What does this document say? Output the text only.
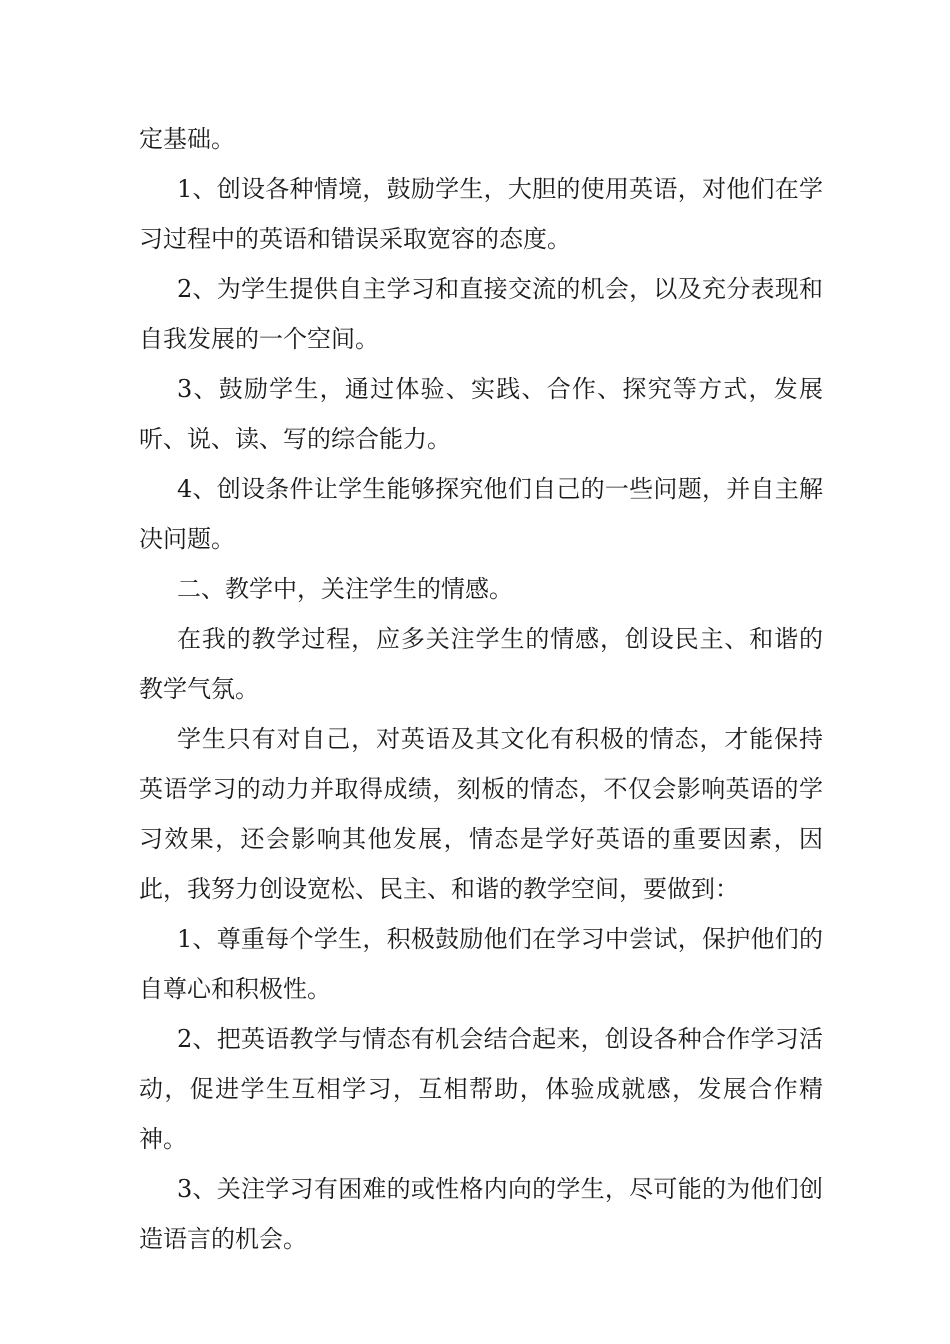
定基础。

1、创设各种情境，鼓励学生，大胆的使用英语，对他们在学习过程中的英语和错误采取宽容的态度。

2、为学生提供自主学习和直接交流的机会，以及充分表现和自我发展的一个空间。

3、鼓励学生，通过体验、实践、合作、探究等方式，发展听、说、读、写的综合能力。

4、创设条件让学生能够探究他们自己的一些问题，并自主解决问题。

二、教学中，关注学生的情感。

在我的教学过程，应多关注学生的情感，创设民主、和谐的教学气氛。

学生只有对自己，对英语及其文化有积极的情态，才能保持英语学习的动力并取得成绩，刻板的情态，不仅会影响英语的学习效果，还会影响其他发展，情态是学好英语的重要因素，因此，我努力创设宽松、民主、和谐的教学空间，要做到：

1、尊重每个学生，积极鼓励他们在学习中尝试，保护他们的自尊心和积极性。

2、把英语教学与情态有机会结合起来，创设各种合作学习活动，促进学生互相学习，互相帮助，体验成就感，发展合作精神。

3、关注学习有困难的或性格内向的学生，尽可能的为他们创造语言的机会。
